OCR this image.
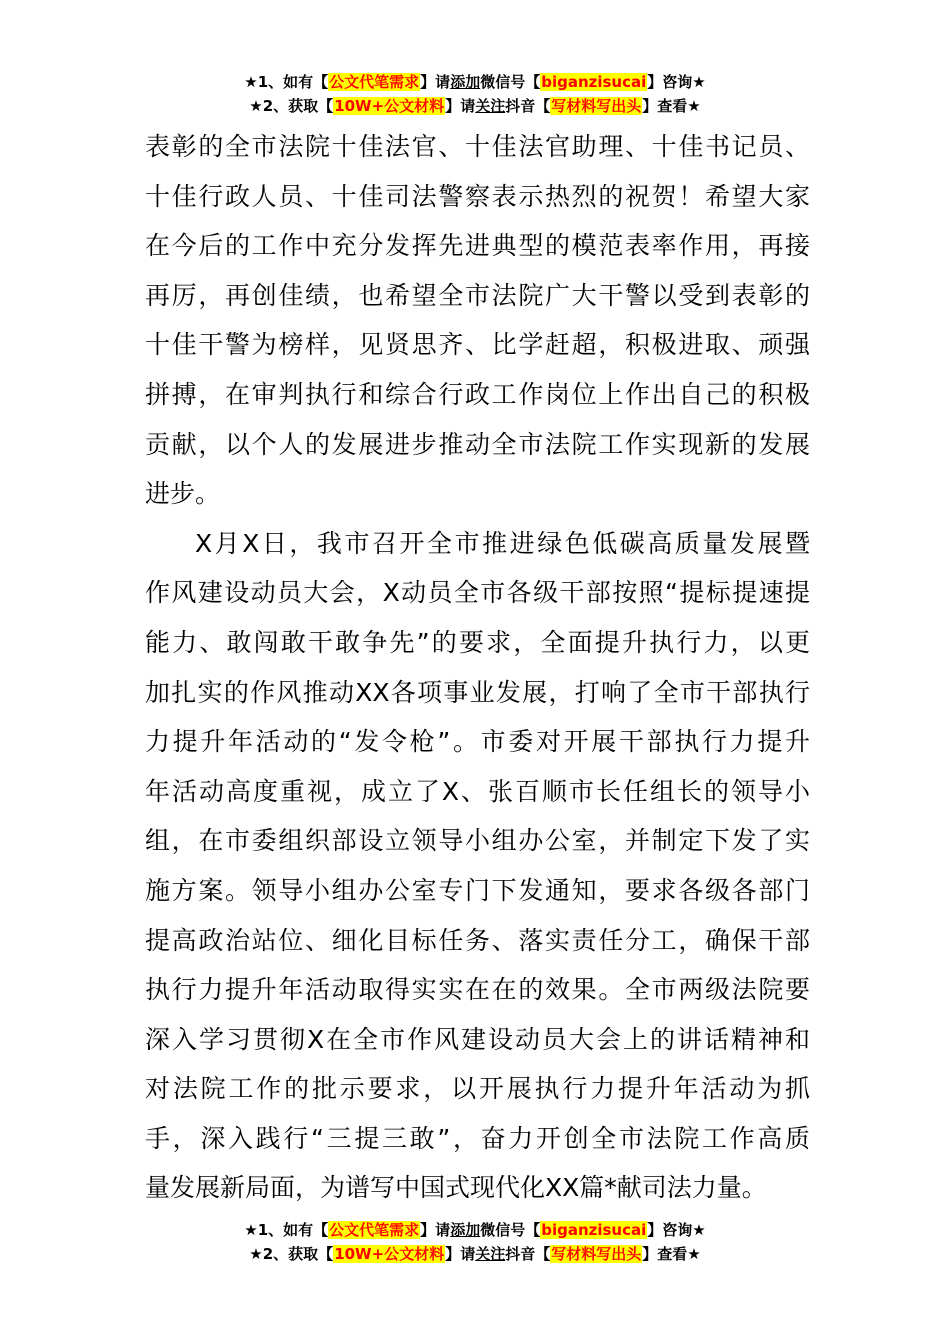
★1、如有【公文代笔需求】请添加微信号【biganzisucai】咨询★
★2、获取【10W+公文材料】请关注抖音【写材料写出头】查看★
表彰的全市法院十佳法官、十佳法官助理、十佳书记员、
十佳行政人员、十佳司法警察表示热烈的祝贺！希望大家
在今后的工作中充分发挥先进典型的模范表率作用，再接
再厉，再创佳绩，也希望全市法院广大干警以受到表彰的
十佳干警为榜样，见贤思齐、比学赶超，积极进取、顽强
拼搏，在审判执行和综合行政工作岗位上作出自己的积极
贡献，以个人的发展进步推动全市法院工作实现新的发展
进步。
X月X日，我市召开全市推进绿色低碳高质量发展暨
作风建设动员大会，X动员全市各级干部按照“提标提速提
能力、敢闯敢干敢争先”的要求，全面提升执行力，以更
加扎实的作风推动XX各项事业发展，打响了全市干部执行
力提升年活动的“发令枪”。市委对开展干部执行力提升
年活动高度重视，成立了X、张百顺市长任组长的领导小
组，在市委组织部设立领导小组办公室，并制定下发了实
施方案。领导小组办公室专门下发通知，要求各级各部门
提高政治站位、细化目标任务、落实责任分工，确保干部
执行力提升年活动取得实实在在的效果。全市两级法院要
深入学习贯彻X在全市作风建设动员大会上的讲话精神和
对法院工作的批示要求，以开展执行力提升年活动为抓
手，深入践行“三提三敢”，奋力开创全市法院工作高质
量发展新局面，为谱写中国式现代化XX篇*献司法力量。
★1、如有【公文代笔需求】请添加微信号【biganzisucai】咨询★
★2、获取【10W+公文材料】请关注抖音【写材料写出头】查看★
